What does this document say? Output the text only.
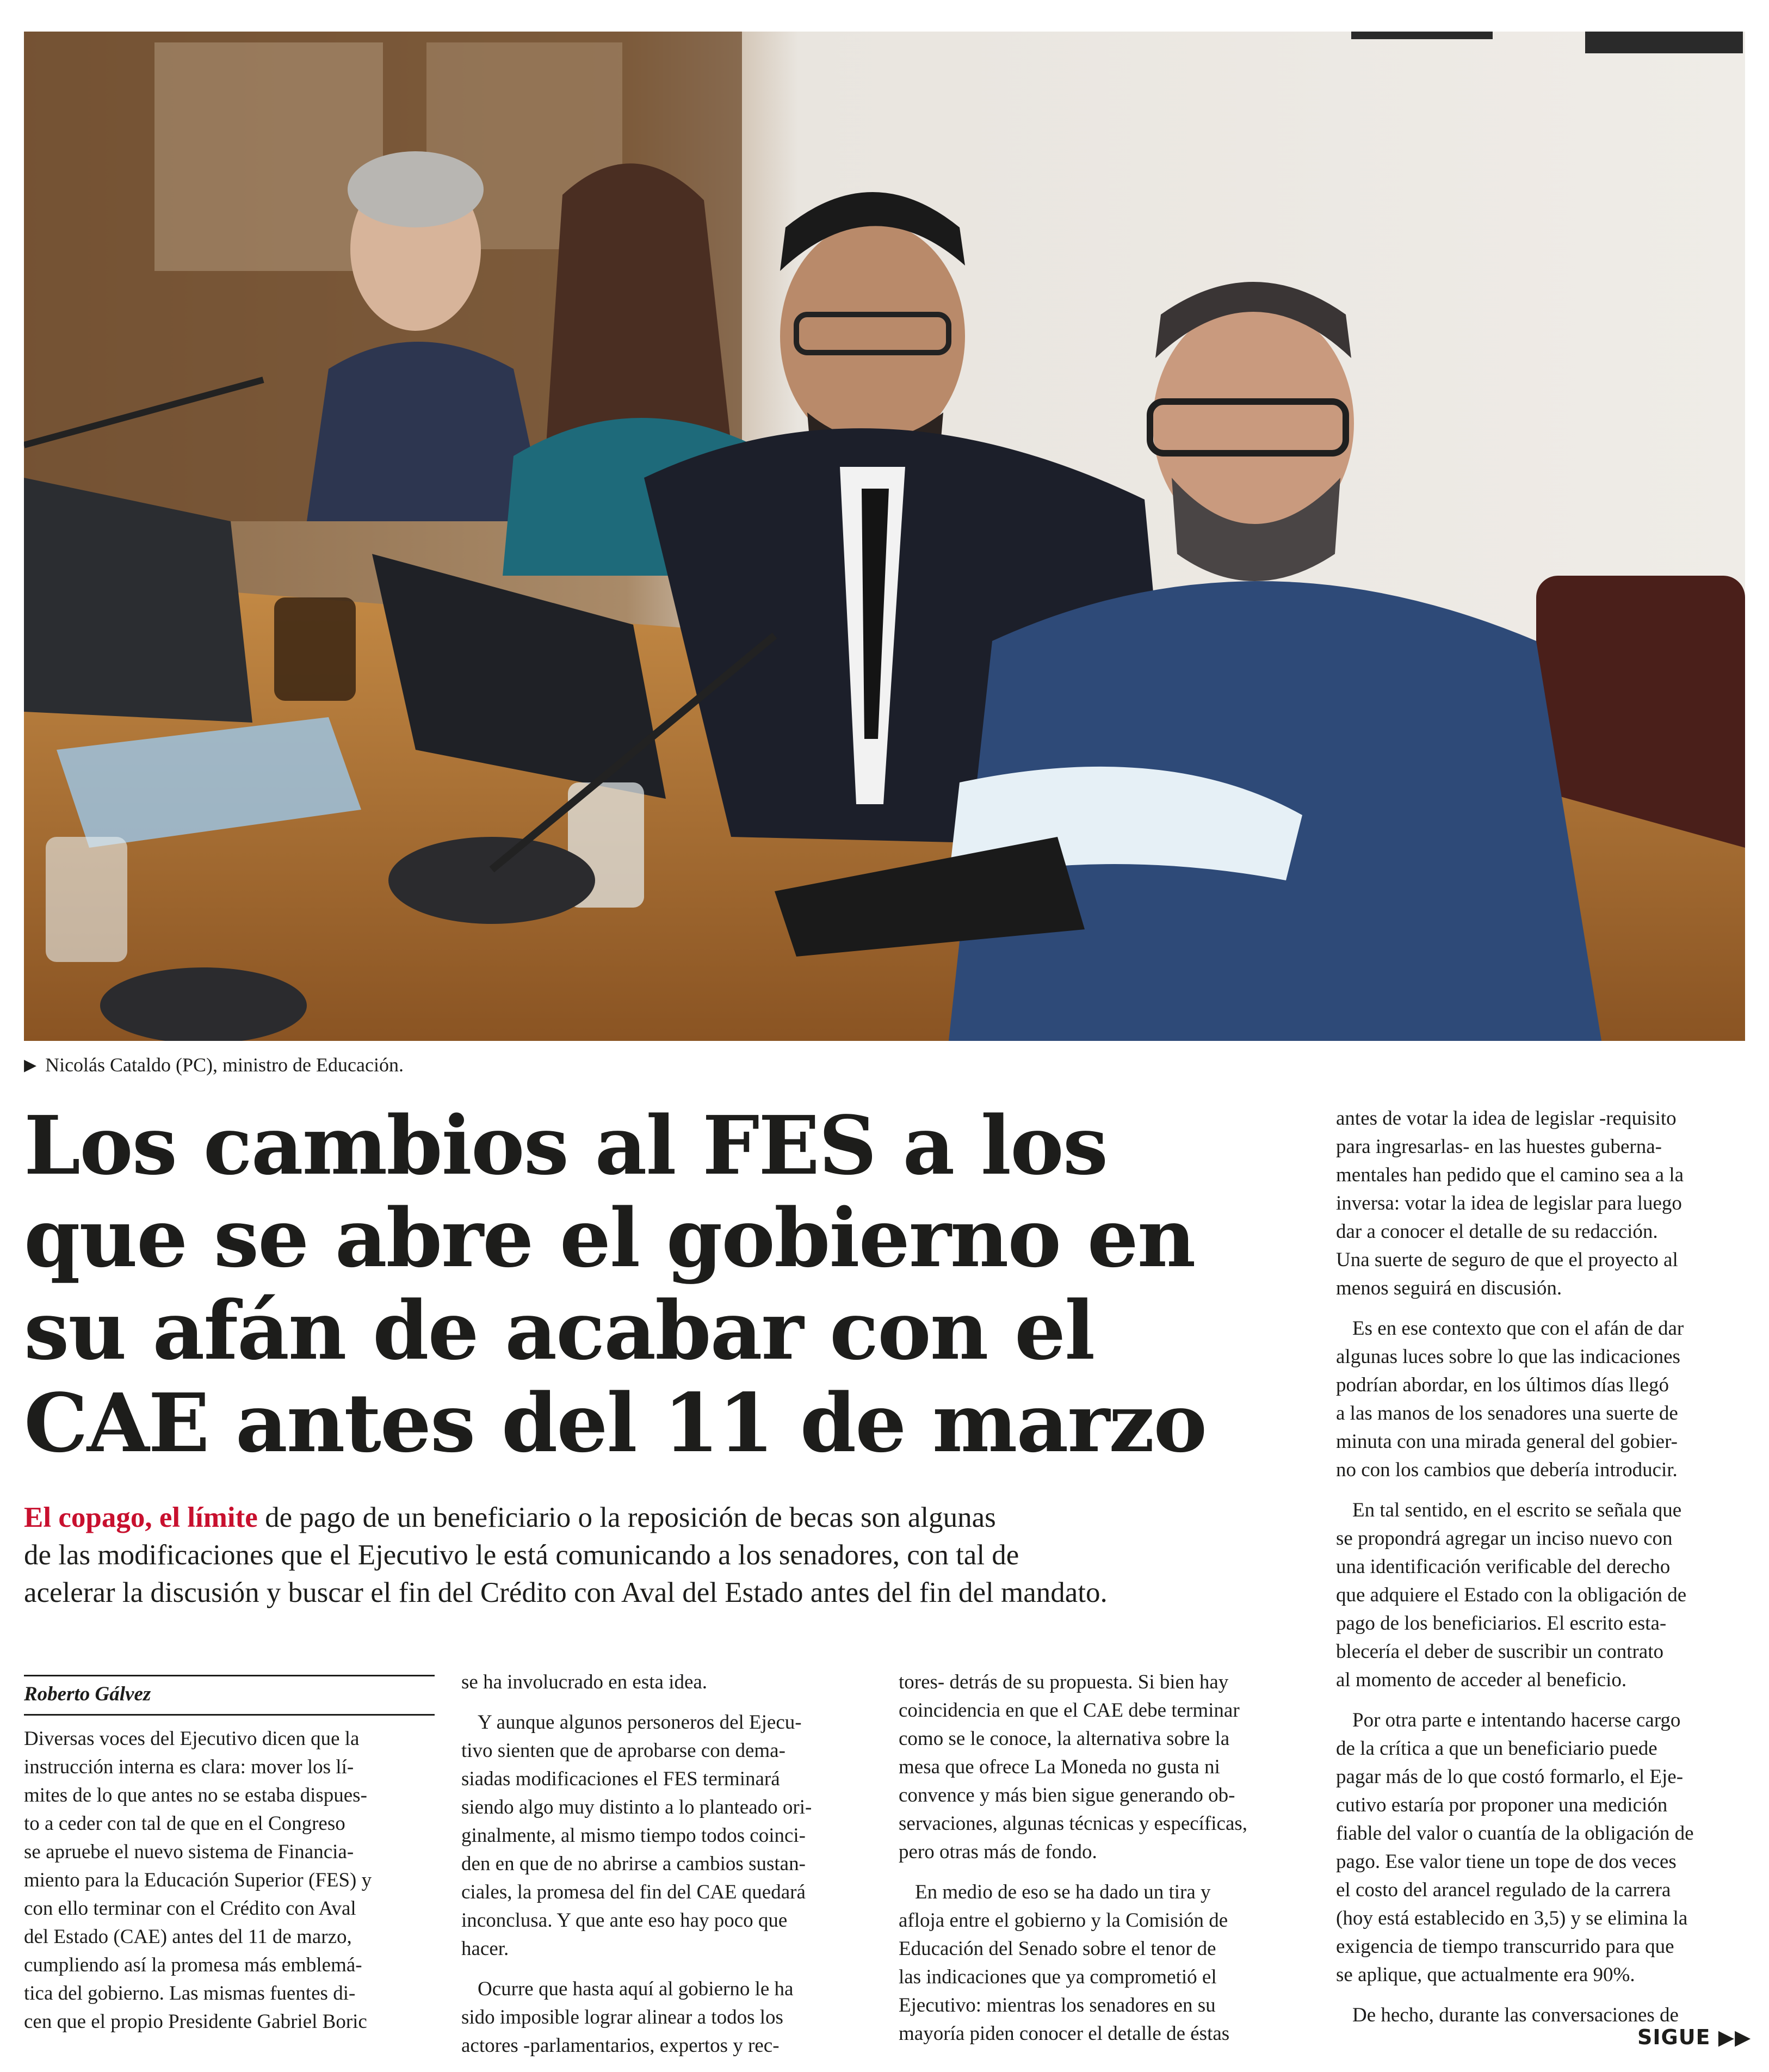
▶ Nicolás Cataldo (PC), ministro de Educación.
Los cambios al FES a los
que se abre el gobierno en
su afán de acabar con el
CAE antes del 11 de marzo
El copago, el límite de pago de un beneficiario o la reposición de becas son algunas
de las modificaciones que el Ejecutivo le está comunicando a los senadores, con tal de
acelerar la discusión y buscar el fin del Crédito con Aval del Estado antes del fin del mandato.
Roberto Gálvez
Diversas voces del Ejecutivo dicen que la
instrucción interna es clara: mover los lí-
mites de lo que antes no se estaba dispues-
to a ceder con tal de que en el Congreso
se apruebe el nuevo sistema de Financia-
miento para la Educación Superior (FES) y
con ello terminar con el Crédito con Aval
del Estado (CAE) antes del 11 de marzo,
cumpliendo así la promesa más emblemá-
tica del gobierno. Las mismas fuentes di-
cen que el propio Presidente Gabriel Boric
se ha involucrado en esta idea.
Y aunque algunos personeros del Ejecu-
tivo sienten que de aprobarse con dema-
siadas modificaciones el FES terminará
siendo algo muy distinto a lo planteado ori-
ginalmente, al mismo tiempo todos coinci-
den en que de no abrirse a cambios sustan-
ciales, la promesa del fin del CAE quedará
inconclusa. Y que ante eso hay poco que
hacer.
Ocurre que hasta aquí al gobierno le ha
sido imposible lograr alinear a todos los
actores -parlamentarios, expertos y rec-
tores- detrás de su propuesta. Si bien hay
coincidencia en que el CAE debe terminar
como se le conoce, la alternativa sobre la
mesa que ofrece La Moneda no gusta ni
convence y más bien sigue generando ob-
servaciones, algunas técnicas y específicas,
pero otras más de fondo.
En medio de eso se ha dado un tira y
afloja entre el gobierno y la Comisión de
Educación del Senado sobre el tenor de
las indicaciones que ya comprometió el
Ejecutivo: mientras los senadores en su
mayoría piden conocer el detalle de éstas
antes de votar la idea de legislar -requisito
para ingresarlas- en las huestes guberna-
mentales han pedido que el camino sea a la
inversa: votar la idea de legislar para luego
dar a conocer el detalle de su redacción.
Una suerte de seguro de que el proyecto al
menos seguirá en discusión.
Es en ese contexto que con el afán de dar
algunas luces sobre lo que las indicaciones
podrían abordar, en los últimos días llegó
a las manos de los senadores una suerte de
minuta con una mirada general del gobier-
no con los cambios que debería introducir.
En tal sentido, en el escrito se señala que
se propondrá agregar un inciso nuevo con
una identificación verificable del derecho
que adquiere el Estado con la obligación de
pago de los beneficiarios. El escrito esta-
blecería el deber de suscribir un contrato
al momento de acceder al beneficio.
Por otra parte e intentando hacerse cargo
de la crítica a que un beneficiario puede
pagar más de lo que costó formarlo, el Eje-
cutivo estaría por proponer una medición
fiable del valor o cuantía de la obligación de
pago. Ese valor tiene un tope de dos veces
el costo del arancel regulado de la carrera
(hoy está establecido en 3,5) y se elimina la
exigencia de tiempo transcurrido para que
se aplique, que actualmente era 90%.
De hecho, durante las conversaciones de
SIGUE ▶▶
